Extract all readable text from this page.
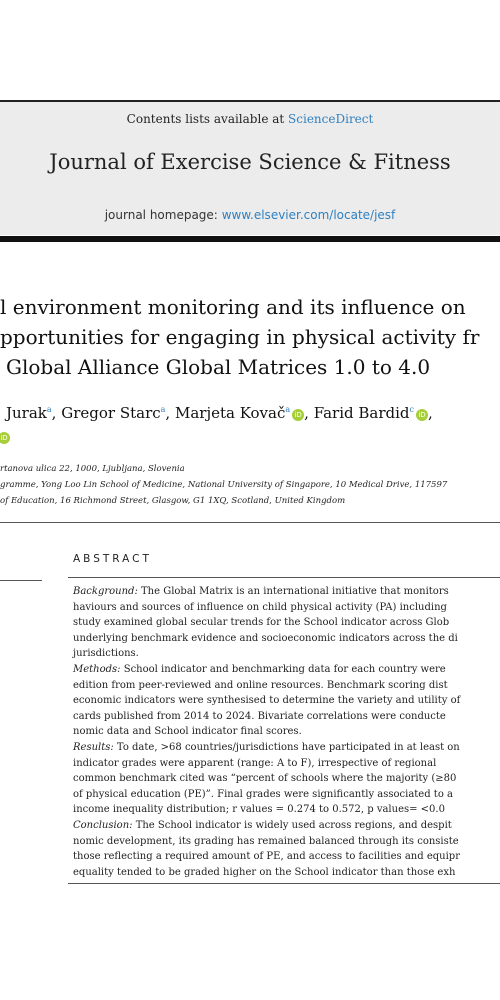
Contents lists available at ScienceDirect
Journal of Exercise Science & Fitness
journal homepage: www.elsevier.com/locate/jesf
l environment monitoring and its influence on
pportunities for engaging in physical activity fr
Global Alliance Global Matrices 1.0 to 4.0
Jurak$^a$, Gregor Starc$^a$, Marjeta Kovač$^a$iD , Farid Bardid$^c$iD ,
iD
rtanova ulica 22, 1000, Ljubljana, Slovenia
gramme, Yong Loo Lin School of Medicine, National University of Singapore, 10 Medical Drive, 117597
of Education, 16 Richmond Street, Glasgow, G1 1XQ, Scotland, United Kingdom
ABSTRACT
Background: The Global Matrix is an international initiative that monitors
haviours and sources of influence on child physical activity (PA) including
study examined global secular trends for the School indicator across Glob
underlying benchmark evidence and socioeconomic indicators across the di
jurisdictions.
Methods: School indicator and benchmarking data for each country were
edition from peer-reviewed and online resources. Benchmark scoring dist
economic indicators were synthesised to determine the variety and utility of
cards published from 2014 to 2024. Bivariate correlations were conducte
nomic data and School indicator final scores.
Results: To date, >68 countries/jurisdictions have participated in at least on
indicator grades were apparent (range: A to F), irrespective of regional
common benchmark cited was “percent of schools where the majority (≥80
of physical education (PE)”. Final grades were significantly associated to a
income inequality distribution; r values = 0.274 to 0.572, p values= <0.0
Conclusion: The School indicator is widely used across regions, and despit
nomic development, its grading has remained balanced through its consiste
those reflecting a required amount of PE, and access to facilities and equipr
equality tended to be graded higher on the School indicator than those exh
